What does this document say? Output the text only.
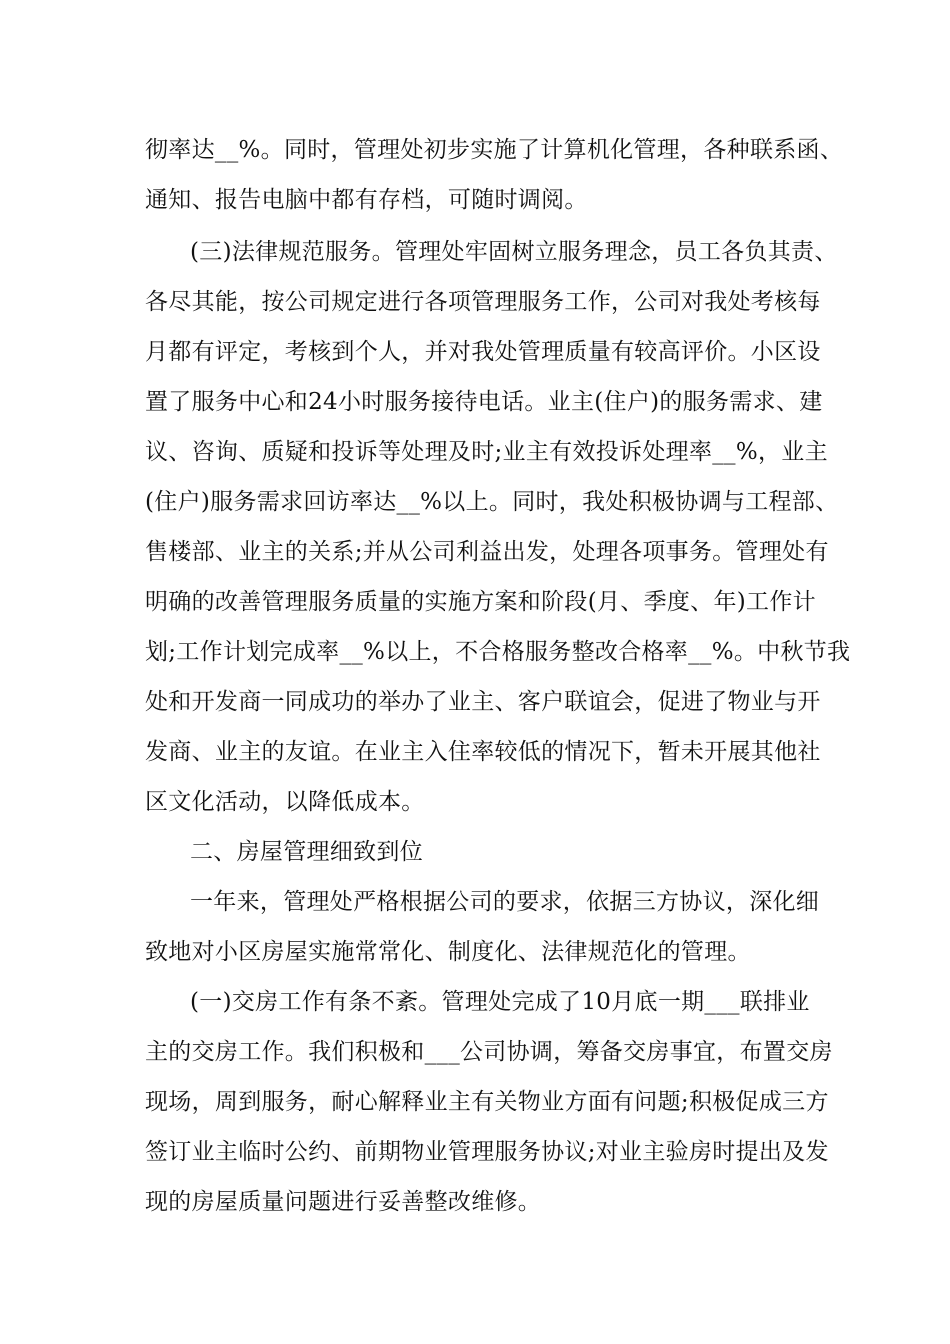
彻率达__%。同时，管理处初步实施了计算机化管理，各种联系函、

通知、报告电脑中都有存档，可随时调阅。

(三)法律规范服务。管理处牢固树立服务理念，员工各负其责、

各尽其能，按公司规定进行各项管理服务工作，公司对我处考核每

月都有评定，考核到个人，并对我处管理质量有较高评价。小区设

置了服务中心和24小时服务接待电话。业主(住户)的服务需求、建

议、咨询、质疑和投诉等处理及时;业主有效投诉处理率__%，业主

(住户)服务需求回访率达__%以上。同时，我处积极协调与工程部、

售楼部、业主的关系;并从公司利益出发，处理各项事务。管理处有

明确的改善管理服务质量的实施方案和阶段(月、季度、年)工作计

划;工作计划完成率__%以上，不合格服务整改合格率__%。中秋节我

处和开发商一同成功的举办了业主、客户联谊会，促进了物业与开

发商、业主的友谊。在业主入住率较低的情况下，暂未开展其他社

区文化活动，以降低成本。

二、房屋管理细致到位

一年来，管理处严格根据公司的要求，依据三方协议，深化细

致地对小区房屋实施常常化、制度化、法律规范化的管理。

(一)交房工作有条不紊。管理处完成了10月底一期___联排业

主的交房工作。我们积极和___公司协调，筹备交房事宜，布置交房

现场，周到服务，耐心解释业主有关物业方面有问题;积极促成三方

签订业主临时公约、前期物业管理服务协议;对业主验房时提出及发

现的房屋质量问题进行妥善整改维修。
